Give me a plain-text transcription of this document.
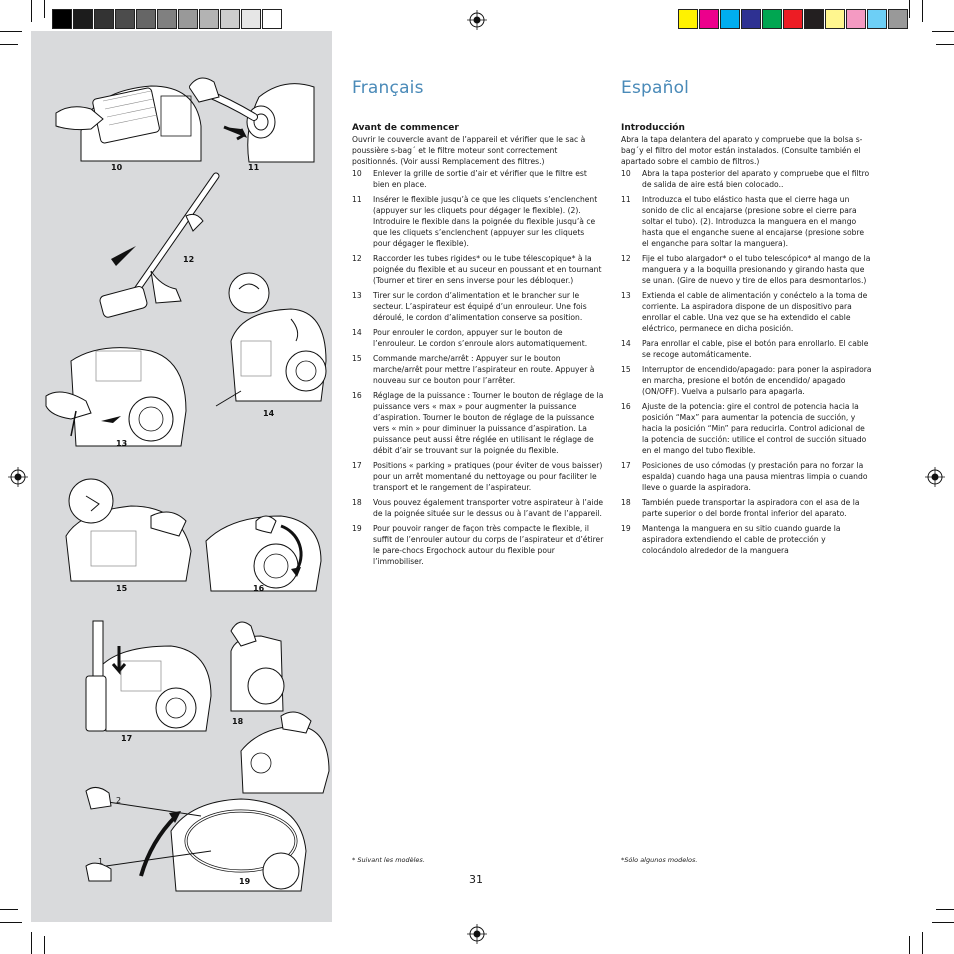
10	11
12
13
14
15	16
17
18
19
2
1
Français
Avant de commencer
Ouvrir le couvercle avant de l’appareil et vérifier que le sac à poussière s-bag´ et le filtre moteur sont correctement positionnés. (Voir aussi Remplacement des filtres.)
10	Enlever la grille de sortie d’air et vérifier que le filtre est bien en place.
11	Insérer le flexible jusqu’à ce que les cliquets s’enclenchent (appuyer sur les cliquets pour dégager le flexible). (2). Introduire le flexible dans la poignée du flexible jusqu’à ce que les cliquets s’enclenchent (appuyer sur les cliquets pour dégager le flexible).
12	Raccorder les tubes rigides* ou le tube télescopique* à la poignée du flexible et au suceur en poussant et en tournant (Tourner et tirer en sens inverse pour les débloquer.)
13	Tirer sur le cordon d’alimentation et le brancher sur le secteur. L’aspirateur est équipé d’un enrouleur. Une fois déroulé, le cordon d’alimentation conserve sa position.
14	Pour enrouler le cordon, appuyer sur le bouton de l’enrouleur. Le cordon s’enroule alors automatiquement.
15	Commande marche/arrêt : Appuyer sur le bouton marche/arrêt pour mettre l’aspirateur en route. Appuyer à nouveau sur ce bouton pour l’arrêter.
16	Réglage de la puissance : Tourner le bouton de réglage de la puissance vers « max » pour augmenter la puissance d’aspiration. Tourner le bouton de réglage de la puissance vers « min » pour diminuer la puissance d’aspiration. La puissance peut aussi être réglée en utilisant le réglage de débit d’air se trouvant sur la poignée du flexible.
17	Positions « parking » pratiques (pour éviter de vous baisser) pour un arrêt momentané du nettoyage ou pour faciliter le transport et le rangement de l’aspirateur.
18	Vous pouvez également transporter votre aspirateur à l’aide de la poignée située sur le dessus ou à l’avant de l’appareil.
19	Pour pouvoir ranger de façon très compacte le flexible, il suffit de l’enrouler autour du corps de l’aspirateur et d’étirer le pare-chocs Ergochock autour du flexible pour l’immobiliser.
Español
Introducción
Abra la tapa delantera del aparato y compruebe que la bolsa s-bag´y el filtro del motor están instalados. (Consulte también el apartado sobre el cambio de filtros.)
10	Abra la tapa posterior del aparato y compruebe que el filtro de salida de aire está bien colocado..
11	Introduzca el tubo elástico hasta que el cierre haga un sonido de clic al encajarse (presione sobre el cierre para soltar el tubo). (2). Introduzca la manguera en el mango hasta que el enganche suene al encajarse (presione sobre el enganche para soltar la manguera).
12	Fije el tubo alargador* o el tubo telescópico* al mango de la manguera y a la boquilla presionando y girando hasta que se unan. (Gire de nuevo y tire de ellos para desmontarlos.)
13	Extienda el cable de alimentación y conéctelo a la toma de corriente. La aspiradora dispone de un dispositivo para enrollar el cable. Una vez que se ha extendido el cable eléctrico, permanece en dicha posición.
14	Para enrollar el cable, pise el botón para enrollarlo. El cable se recoge automáticamente.
15	Interruptor de encendido/apagado: para poner la aspiradora en marcha, presione el botón de encendido/ apagado (ON/OFF). Vuelva a pulsarlo para apagarla.
16	Ajuste de la potencia: gire el control de potencia hacia la posición “Max” para aumentar la potencia de succión, y hacia la posición “Min” para reducirla. Control adicional de la potencia de succión: utilice el control de succión situado en el mango del tubo flexible.
17	Posiciones de uso cómodas (y prestación para no forzar la espalda) cuando haga una pausa mientras limpia o cuando lleve o guarde la aspiradora.
18	También puede transportar la aspiradora con el asa de la parte superior o del borde frontal inferior del aparato.
19	Mantenga la manguera en su sitio cuando guarde la aspiradora extendiendo el cable de protección y colocándolo alrededor de la manguera
* Suivant les modèles.	*Sólo algunos modelos.
31
